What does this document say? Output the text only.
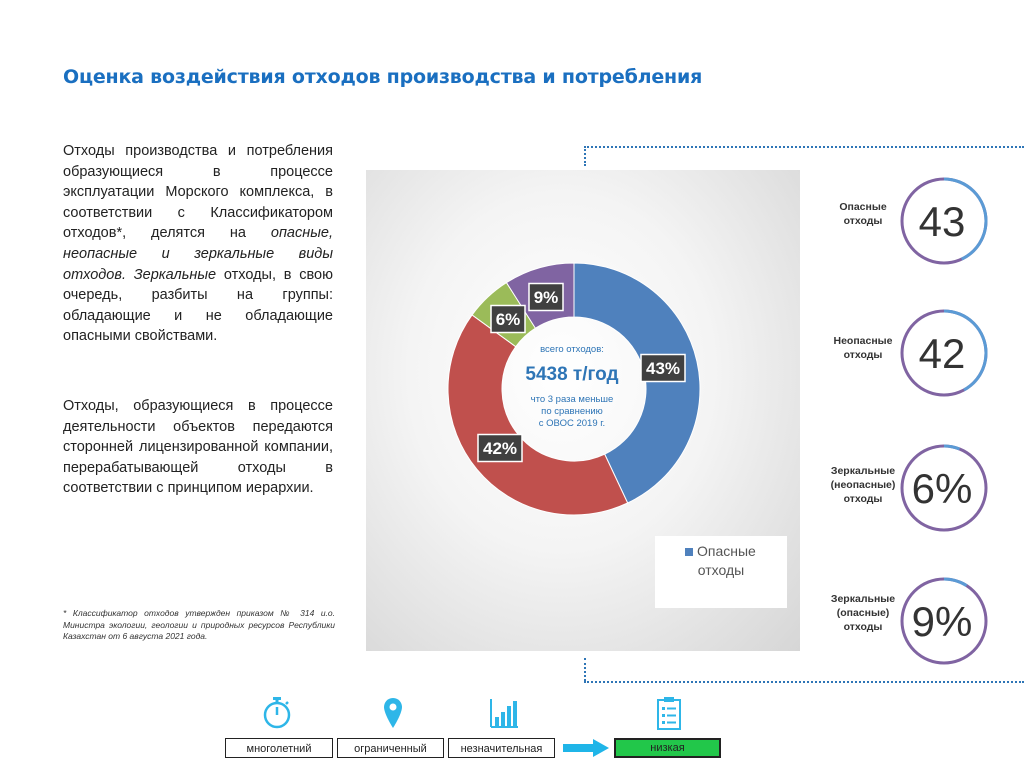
Оценка воздействия отходов производства и потребления
Отходы производства и потребления образующиеся в процессе эксплуатации Морского комплекса, в соответствии с Классификатором отходов*, делятся на опасные, неопасные и зеркальные виды отходов. Зеркальные отходы, в свою очередь, разбиты на группы: обладающие и не обладающие опасными свойствами.
Отходы, образующиеся в процессе деятельности объектов передаются сторонней лицензированной компании, перерабатывающей отходы в соответствии с принципом иерархии.
* Классификатор отходов утвержден приказом № 314 и.о. Министра экологии, геологии и природных ресурсов Республики Казахстан от 6 августа 2021 года.
43%
42%
6%
9%
всего отходов:
5438 т/год
что 3 раза меньше
по сравнению
с ОВОС 2019 г.
Опасные
отходы
Опасные
отходы 43
Неопасные
отходы 42
Зеркальные
(неопасные)
отходы 6%
Зеркальные
(опасные)
отходы 9%
многолетний	ограниченный	незначительная	низкая
